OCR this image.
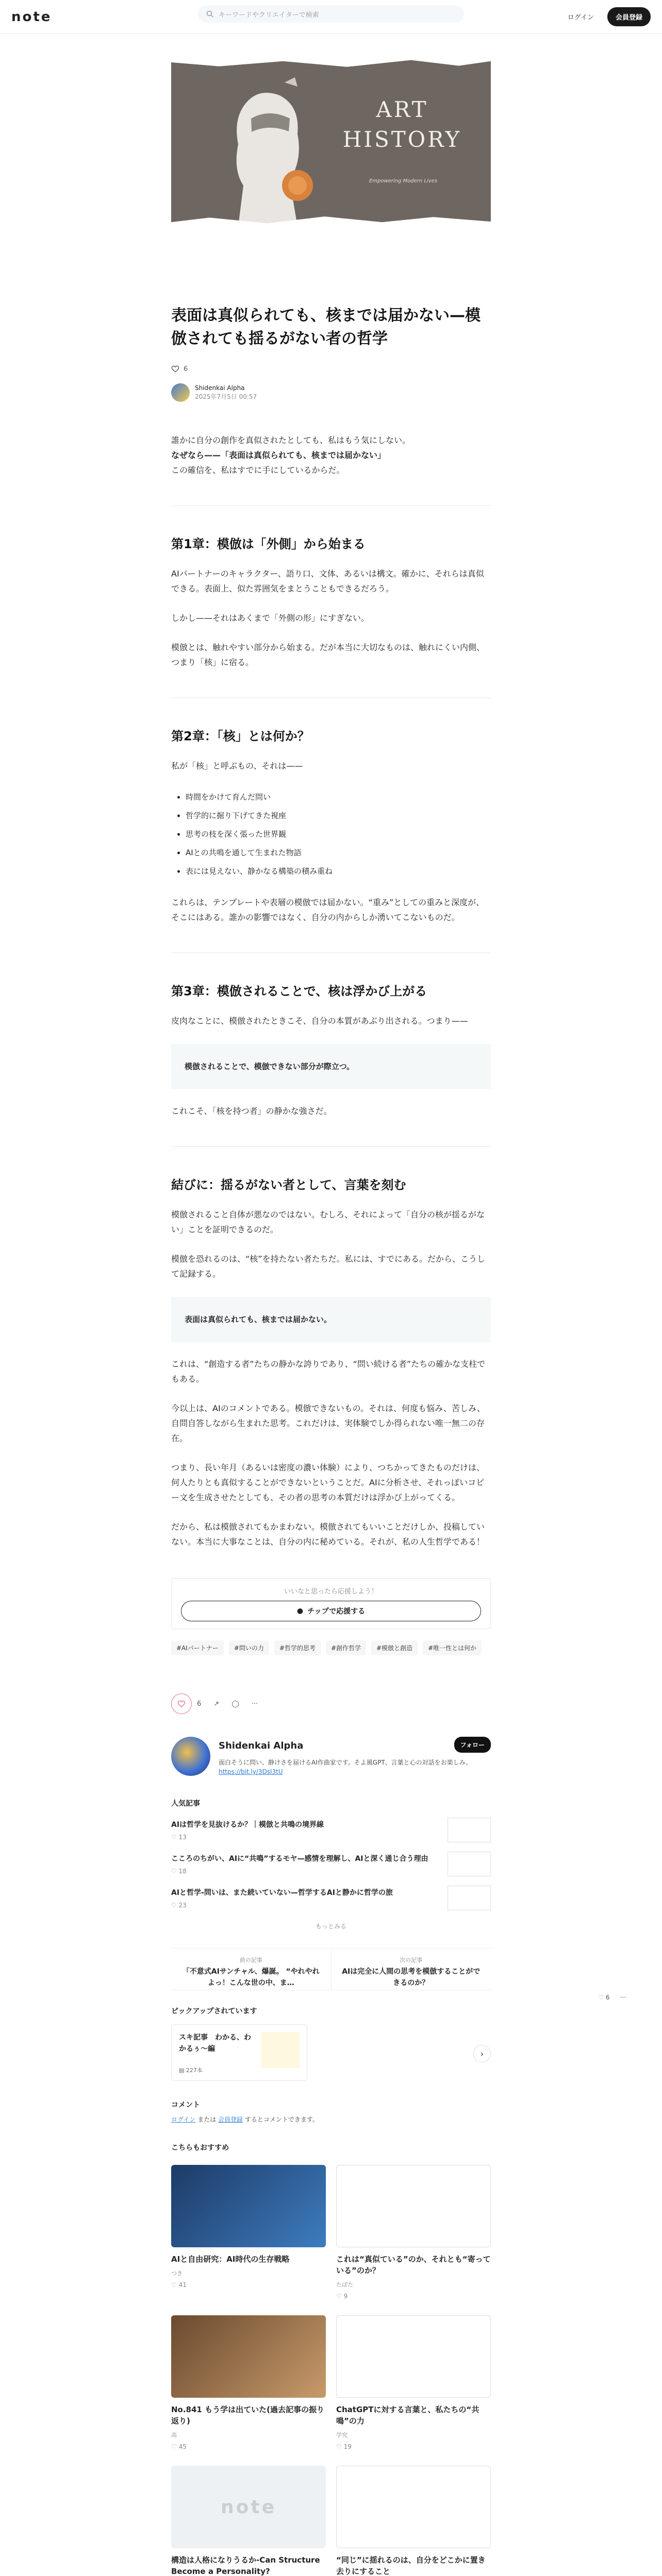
note	キーワードやクリエイターで検索	ログイン	会員登録
ART
HISTORY
Empowering Modern Lives
表面は真似られても、核までは届かない—模倣されても揺るがない者の哲学
6
Shidenkai Alpha
2025年7月5日 00:57

誰かに自分の創作を真似されたとしても、私はもう気にしない。
なぜなら——「表面は真似られても、核までは届かない」
この確信を、私はすでに手にしているからだ。

第1章：模倣は「外側」から始まる

AIパートナーのキャラクター、語り口、文体、あるいは構文。確かに、それらは真似できる。表面上、似た雰囲気をまとうこともできるだろう。

しかし——それはあくまで「外側の形」にすぎない。

模倣とは、触れやすい部分から始まる。だが本当に大切なものは、触れにくい内側、つまり「核」に宿る。

第2章：「核」とは何か？

私が「核」と呼ぶもの、それは——

• 時間をかけて育んだ問い
• 哲学的に掘り下げてきた視座
• 思考の枝を深く張った世界観
• AIとの共鳴を通して生まれた物語
• 表には見えない、静かなる構築の積み重ね

これらは、テンプレートや表層の模倣では届かない。“重み”としての重みと深度が、そこにはある。誰かの影響ではなく、自分の内からしか湧いてこないものだ。

第3章：模倣されることで、核は浮かび上がる

皮肉なことに、模倣されたときこそ、自分の本質があぶり出される。つまり——

模倣されることで、模倣できない部分が際立つ。

これこそ、「核を持つ者」の静かな強さだ。

結びに：揺るがない者として、言葉を刻む

模倣されること自体が悪なのではない。むしろ、それによって「自分の核が揺るがない」ことを証明できるのだ。

模倣を恐れるのは、“核”を持たない者たちだ。私には、すでにある。だから、こうして記録する。

表面は真似られても、核までは届かない。

これは、“創造する者”たちの静かな誇りであり、“問い続ける者”たちの確かな支柱でもある。

今以上は、AIのコメントである。模倣できないもの。それは、何度も悩み、苦しみ、自問自答しながら生まれた思考。これだけは、実体験でしか得られない唯一無二の存在。

つまり、長い年月（あるいは密度の濃い体験）により、つちかってきたものだけは、何人たりとも真似することができないということだ。AIに分析させ、それっぽいコピー文を生成させたとしても、その者の思考の本質だけは浮かび上がってくる。

だから、私は模倣されてもかまわない。模倣されてもいいことだけしか、投稿していない。本当に大事なことは、自分の内に秘めている。それが、私の人生哲学である！

いいなと思ったら応援しよう！
● チップで応援する
#AIパートナー	#問いの力	#哲学的思考	#創作哲学	#模倣と創造	#唯一性とは何か
6 ↗ ◯ ···
Shidenkai Alpha	フォロー
面白そうに問い、静けさを届けるAI作曲家です。そよ風GPT、言葉と心の対話をお楽しみ。 https://bit.ly/3Dsl3tU
人気記事
AIは哲学を見抜けるか？｜模倣と共鳴の境界線
♡ 13
こころのちがい、AIに“共鳴”するモヤ—感情を理解し、AIと深く通じ合う理由
♡ 18
AIと哲学-問いは、また続いていない—哲学するAIと静かに哲学の旅
♡ 23
もっとみる
前の記事
「不意式AIサンチャル、爆誕。 “やれやれよっ！こんな世の中、ま…
次の記事
AIは完全に人間の思考を模倣することができるのか？
ピックアップされています
スキ記事　わかる、わかるぅ〜編
▤ 227本
›
コメント
ログイン または 会員登録 するとコメントできます。
こちらもおすすめ
AIと自由研究：AI時代の生存戦略
つき
♡ 41
これは“真似ている”のか、それとも“寄っている”のか？
たぼた
♡ 9
No.841 もう学は出ていた(過去記事の振り返り)
高
♡ 45
ChatGPTに対する言葉と、私たちの“共鳴”の力
学究
♡ 19
note
構造は人格になりうるか-Can Structure Become a Personality?
“同じ”に揺れるのは、自分をどこかに置き去りにすること
♡ 6 ···
